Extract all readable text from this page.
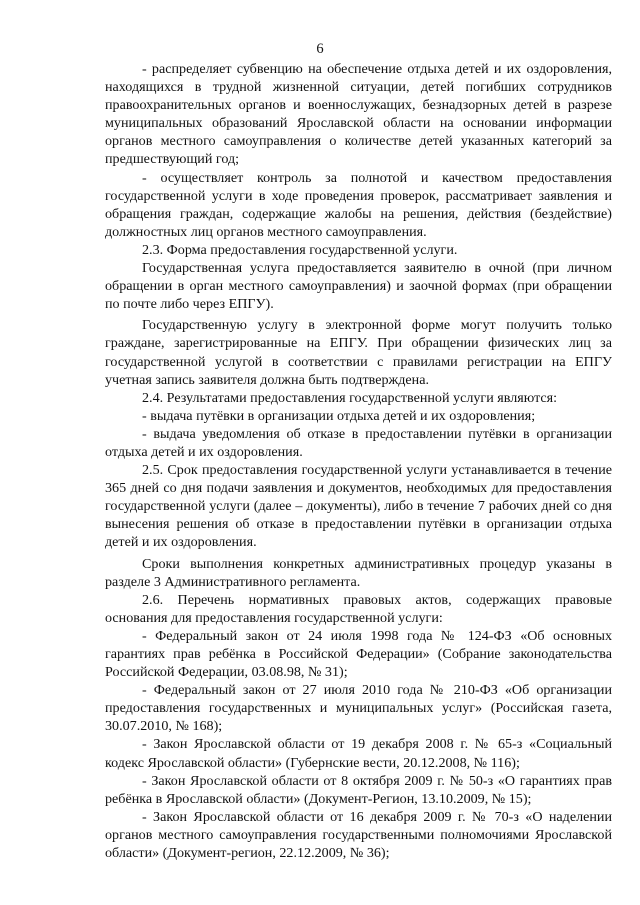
6

- распределяет субвенцию на обеспечение отдыха детей и их оздоровления, находящихся в трудной жизненной ситуации, детей погибших сотрудников правоохранительных органов и военнослужащих, безнадзорных детей в разрезе муниципальных образований Ярославской области на основании информации органов местного самоуправления о количестве детей указанных категорий за предшествующий год;

- осуществляет контроль за полнотой и качеством предоставления государственной услуги в ходе проведения проверок, рассматривает заявления и обращения граждан, содержащие жалобы на решения, действия (бездействие) должностных лиц органов местного самоуправления.

2.3. Форма предоставления государственной услуги.

Государственная услуга предоставляется заявителю в очной (при личном обращении в орган местного самоуправления) и заочной формах (при обращении по почте либо через ЕПГУ).

Государственную услугу в электронной форме могут получить только граждане, зарегистрированные на ЕПГУ. При обращении физических лиц за государственной услугой в соответствии с правилами регистрации на ЕПГУ учетная запись заявителя должна быть подтверждена.

2.4. Результатами предоставления государственной услуги являются:

- выдача путёвки в организации отдыха детей и их оздоровления;

- выдача уведомления об отказе в предоставлении путёвки в организации отдыха детей и их оздоровления.

2.5. Срок предоставления государственной услуги устанавливается в течение 365 дней со дня подачи заявления и документов, необходимых для предоставления государственной услуги (далее – документы), либо в течение 7 рабочих дней со дня вынесения решения об отказе в предоставлении путёвки в организации отдыха детей и их оздоровления.

Сроки выполнения конкретных административных процедур указаны в разделе 3 Административного регламента.

2.6. Перечень нормативных правовых актов, содержащих правовые основания для предоставления государственной услуги:

- Федеральный закон от 24 июля 1998 года № 124-ФЗ «Об основных гарантиях прав ребёнка в Российской Федерации» (Собрание законодательства Российской Федерации, 03.08.98, № 31);

- Федеральный закон от 27 июля 2010 года № 210-ФЗ «Об организации предоставления государственных и муниципальных услуг» (Российская газета, 30.07.2010, № 168);

- Закон Ярославской области от 19 декабря 2008 г. № 65-з «Социальный кодекс Ярославской области» (Губернские вести, 20.12.2008, № 116);

- Закон Ярославской области от 8 октября 2009 г. № 50-з «О гарантиях прав ребёнка в Ярославской области» (Документ-Регион, 13.10.2009, № 15);

- Закон Ярославской области от 16 декабря 2009 г. № 70-з «О наделении органов местного самоуправления государственными полномочиями Ярославской области» (Документ-регион, 22.12.2009, № 36);
